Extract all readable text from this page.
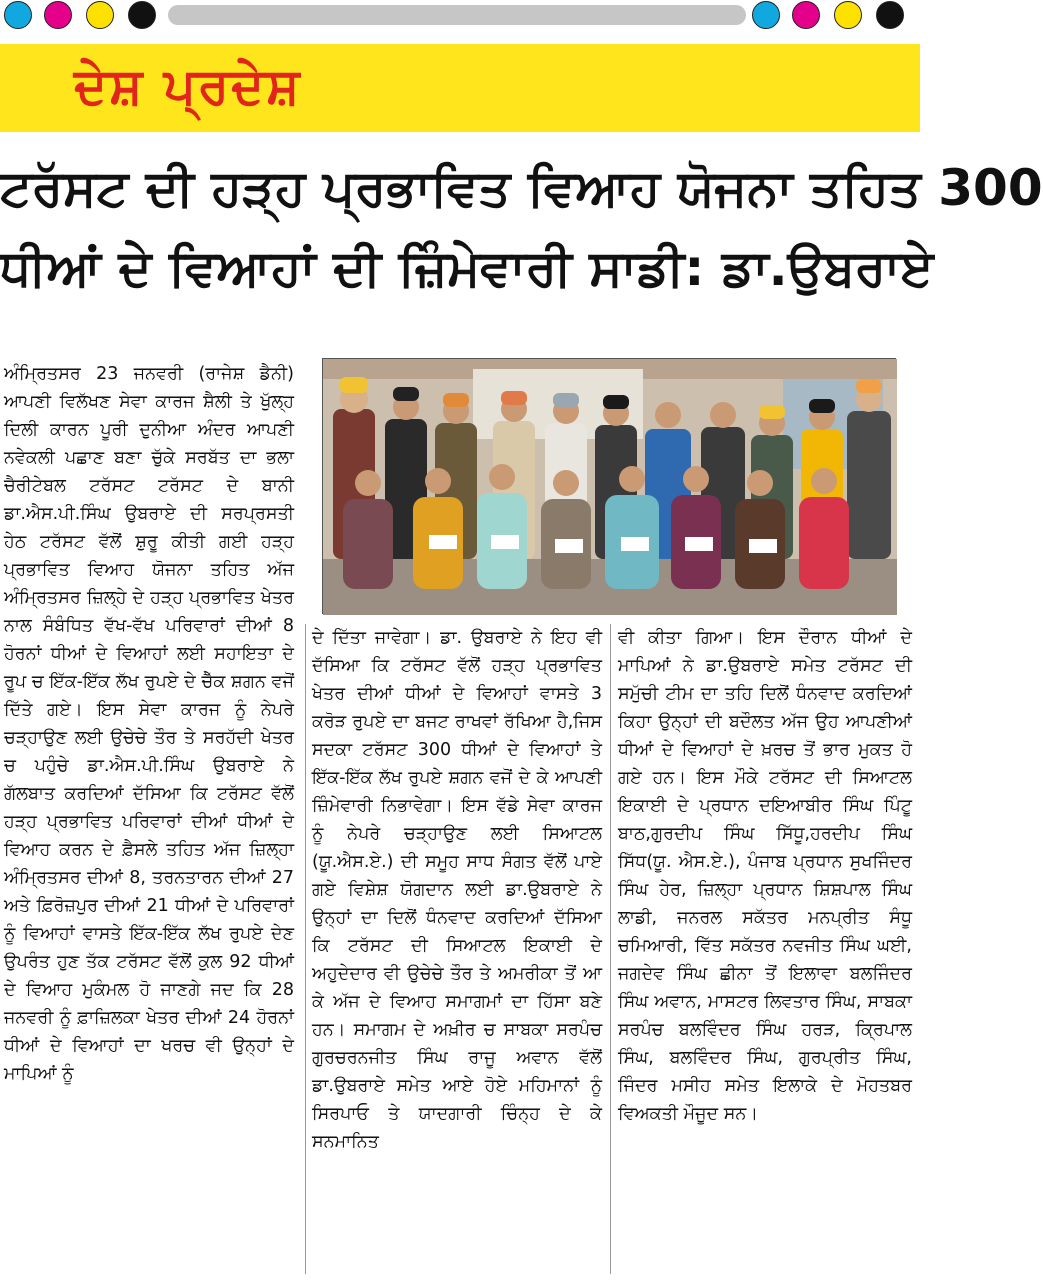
ਦੇਸ਼ ਪ੍ਰਦੇਸ਼
ਟਰੱਸਟ ਦੀ ਹੜ੍ਹ ਪ੍ਰਭਾਵਿਤ ਵਿਆਹ ਯੋਜਨਾ ਤਹਿਤ 300
ਧੀਆਂ ਦੇ ਵਿਆਹਾਂ ਦੀ ਜ਼ਿੰਮੇਵਾਰੀ ਸਾਡੀ: ਡਾ.ਉਬਰਾਏ
ਅੰਮ੍ਰਿਤਸਰ 23 ਜਨਵਰੀ (ਰਾਜੇਸ਼ ਡੈਨੀ) ਆਪਣੀ ਵਿਲੱਖਣ ਸੇਵਾ ਕਾਰਜ ਸ਼ੈਲੀ ਤੇ ਖੁੱਲ੍ਹ ਦਿਲੀ ਕਾਰਨ ਪੂਰੀ ਦੁਨੀਆ ਅੰਦਰ ਆਪਣੀ ਨਵੇਕਲੀ ਪਛਾਣ ਬਣਾ ਚੁੱਕੇ ਸਰਬੱਤ ਦਾ ਭਲਾ ਚੈਰੀਟੇਬਲ ਟਰੱਸਟ ਟਰੱਸਟ ਦੇ ਬਾਨੀ ਡਾ.ਐਸ.ਪੀ.ਸਿੰਘ ਉਬਰਾਏ ਦੀ ਸਰਪ੍ਰਸਤੀ ਹੇਠ ਟਰੱਸਟ ਵੱਲੋਂ ਸ਼ੁਰੂ ਕੀਤੀ ਗਈ ਹੜ੍ਹ ਪ੍ਰਭਾਵਿਤ ਵਿਆਹ ਯੋਜਨਾ ਤਹਿਤ ਅੱਜ ਅੰਮ੍ਰਿਤਸਰ ਜ਼ਿਲ੍ਹੇ ਦੇ ਹੜ੍ਹ ਪ੍ਰਭਾਵਿਤ ਖੇਤਰ ਨਾਲ ਸੰਬੰਧਿਤ ਵੱਖ-ਵੱਖ ਪਰਿਵਾਰਾਂ ਦੀਆਂ 8 ਹੋਰਨਾਂ ਧੀਆਂ ਦੇ ਵਿਆਹਾਂ ਲਈ ਸਹਾਇਤਾ ਦੇ ਰੂਪ ਚ ਇੱਕ-ਇੱਕ ਲੱਖ ਰੁਪਏ ਦੇ ਚੈੱਕ ਸ਼ਗਨ ਵਜੋਂ ਦਿੱਤੇ ਗਏ। ਇਸ ਸੇਵਾ ਕਾਰਜ ਨੂੰ ਨੇਪਰੇ ਚੜ੍ਹਾਉਣ ਲਈ ਉਚੇਚੇ ਤੌਰ ਤੇ ਸਰਹੱਦੀ ਖੇਤਰ ਚ ਪਹੁੰਚੇ ਡਾ.ਐਸ.ਪੀ.ਸਿੰਘ ਉਬਰਾਏ ਨੇ ਗੱਲਬਾਤ ਕਰਦਿਆਂ ਦੱਸਿਆ ਕਿ ਟਰੱਸਟ ਵੱਲੋਂ ਹੜ੍ਹ ਪ੍ਰਭਾਵਿਤ ਪਰਿਵਾਰਾਂ ਦੀਆਂ ਧੀਆਂ ਦੇ ਵਿਆਹ ਕਰਨ ਦੇ ਫ਼ੈਸਲੇ ਤਹਿਤ ਅੱਜ ਜ਼ਿਲ੍ਹਾ ਅੰਮ੍ਰਿਤਸਰ ਦੀਆਂ 8, ਤਰਨਤਾਰਨ ਦੀਆਂ 27 ਅਤੇ ਫ਼ਿਰੋਜ਼ਪੁਰ ਦੀਆਂ 21 ਧੀਆਂ ਦੇ ਪਰਿਵਾਰਾਂ ਨੂੰ ਵਿਆਹਾਂ ਵਾਸਤੇ ਇੱਕ-ਇੱਕ ਲੱਖ ਰੁਪਏ ਦੇਣ ਉਪਰੰਤ ਹੁਣ ਤੱਕ ਟਰੱਸਟ ਵੱਲੋਂ ਕੁਲ 92 ਧੀਆਂ ਦੇ ਵਿਆਹ ਮੁਕੰਮਲ ਹੋ ਜਾਣਗੇ ਜਦ ਕਿ 28 ਜਨਵਰੀ ਨੂੰ ਫ਼ਾਜ਼ਿਲਕਾ ਖੇਤਰ ਦੀਆਂ 24 ਹੋਰਨਾਂ ਧੀਆਂ ਦੇ ਵਿਆਹਾਂ ਦਾ ਖਰਚ ਵੀ ਉਨ੍ਹਾਂ ਦੇ ਮਾਪਿਆਂ ਨੂੰ
ਦੇ ਦਿੱਤਾ ਜਾਵੇਗਾ। ਡਾ. ਉਬਰਾਏ ਨੇ ਇਹ ਵੀ ਦੱਸਿਆ ਕਿ ਟਰੱਸਟ ਵੱਲੋਂ ਹੜ੍ਹ ਪ੍ਰਭਾਵਿਤ ਖੇਤਰ ਦੀਆਂ ਧੀਆਂ ਦੇ ਵਿਆਹਾਂ ਵਾਸਤੇ 3 ਕਰੋੜ ਰੁਪਏ ਦਾ ਬਜਟ ਰਾਖਵਾਂ ਰੱਖਿਆ ਹੈ,ਜਿਸ ਸਦਕਾ ਟਰੱਸਟ 300 ਧੀਆਂ ਦੇ ਵਿਆਹਾਂ ਤੇ ਇੱਕ-ਇੱਕ ਲੱਖ ਰੁਪਏ ਸ਼ਗਨ ਵਜੋਂ ਦੇ ਕੇ ਆਪਣੀ ਜ਼ਿੰਮੇਵਾਰੀ ਨਿਭਾਵੇਗਾ। ਇਸ ਵੱਡੇ ਸੇਵਾ ਕਾਰਜ ਨੂੰ ਨੇਪਰੇ ਚੜ੍ਹਾਉਣ ਲਈ ਸਿਆਟਲ (ਯੂ.ਐਸ.ਏ.) ਦੀ ਸਮੂਹ ਸਾਧ ਸੰਗਤ ਵੱਲੋਂ ਪਾਏ ਗਏ ਵਿਸ਼ੇਸ਼ ਯੋਗਦਾਨ ਲਈ ਡਾ.ਉਬਰਾਏ ਨੇ ਉਨ੍ਹਾਂ ਦਾ ਦਿਲੋਂ ਧੰਨਵਾਦ ਕਰਦਿਆਂ ਦੱਸਿਆ ਕਿ ਟਰੱਸਟ ਦੀ ਸਿਆਟਲ ਇਕਾਈ ਦੇ ਅਹੁਦੇਦਾਰ ਵੀ ਉਚੇਚੇ ਤੌਰ ਤੇ ਅਮਰੀਕਾ ਤੋਂ ਆ ਕੇ ਅੱਜ ਦੇ ਵਿਆਹ ਸਮਾਗਮਾਂ ਦਾ ਹਿੱਸਾ ਬਣੇ ਹਨ। ਸਮਾਗਮ ਦੇ ਅਖ਼ੀਰ ਚ ਸਾਬਕਾ ਸਰਪੰਚ ਗੁਰਚਰਨਜੀਤ ਸਿੰਘ ਰਾਜੂ ਅਵਾਨ ਵੱਲੋਂ ਡਾ.ਉਬਰਾਏ ਸਮੇਤ ਆਏ ਹੋਏ ਮਹਿਮਾਨਾਂ ਨੂੰ ਸਿਰਪਾਓ ਤੇ ਯਾਦਗਾਰੀ ਚਿੰਨ੍ਹ ਦੇ ਕੇ ਸਨਮਾਨਿਤ
ਵੀ ਕੀਤਾ ਗਿਆ। ਇਸ ਦੌਰਾਨ ਧੀਆਂ ਦੇ ਮਾਪਿਆਂ ਨੇ ਡਾ.ਉਬਰਾਏ ਸਮੇਤ ਟਰੱਸਟ ਦੀ ਸਮੁੱਚੀ ਟੀਮ ਦਾ ਤਹਿ ਦਿਲੋਂ ਧੰਨਵਾਦ ਕਰਦਿਆਂ ਕਿਹਾ ਉਨ੍ਹਾਂ ਦੀ ਬਦੌਲਤ ਅੱਜ ਉਹ ਆਪਣੀਆਂ ਧੀਆਂ ਦੇ ਵਿਆਹਾਂ ਦੇ ਖ਼ਰਚ ਤੋਂ ਭਾਰ ਮੁਕਤ ਹੋ ਗਏ ਹਨ। ਇਸ ਮੌਕੇ ਟਰੱਸਟ ਦੀ ਸਿਆਟਲ ਇਕਾਈ ਦੇ ਪ੍ਰਧਾਨ ਦਇਆਬੀਰ ਸਿੰਘ ਪਿੰਟੂ ਬਾਠ,ਗੁਰਦੀਪ ਸਿੰਘ ਸਿੱਧੂ,ਹਰਦੀਪ ਸਿੰਘ ਸਿੱਧ(ਯੂ. ਐਸ.ਏ.), ਪੰਜਾਬ ਪ੍ਰਧਾਨ ਸੁਖਜਿੰਦਰ ਸਿੰਘ ਹੇਰ, ਜ਼ਿਲ੍ਹਾ ਪ੍ਰਧਾਨ ਸ਼ਿਸ਼ਪਾਲ ਸਿੰਘ ਲਾਡੀ, ਜਨਰਲ ਸਕੱਤਰ ਮਨਪ੍ਰੀਤ ਸੰਧੂ ਚਮਿਆਰੀ, ਵਿੱਤ ਸਕੱਤਰ ਨਵਜੀਤ ਸਿੰਘ ਘਈ, ਜਗਦੇਵ ਸਿੰਘ ਛੀਨਾ ਤੋਂ ਇਲਾਵਾ ਬਲਜਿੰਦਰ ਸਿੰਘ ਅਵਾਨ, ਮਾਸਟਰ ਲਿਵਤਾਰ ਸਿੰਘ, ਸਾਬਕਾ ਸਰਪੰਚ ਬਲਵਿੰਦਰ ਸਿੰਘ ਹਰੜ, ਕ੍ਰਿਪਾਲ ਸਿੰਘ, ਬਲਵਿੰਦਰ ਸਿੰਘ, ਗੁਰਪ੍ਰੀਤ ਸਿੰਘ, ਜਿੰਦਰ ਮਸੀਹ ਸਮੇਤ ਇਲਾਕੇ ਦੇ ਮੋਹਤਬਰ ਵਿਅਕਤੀ ਮੌਜੂਦ ਸਨ।
